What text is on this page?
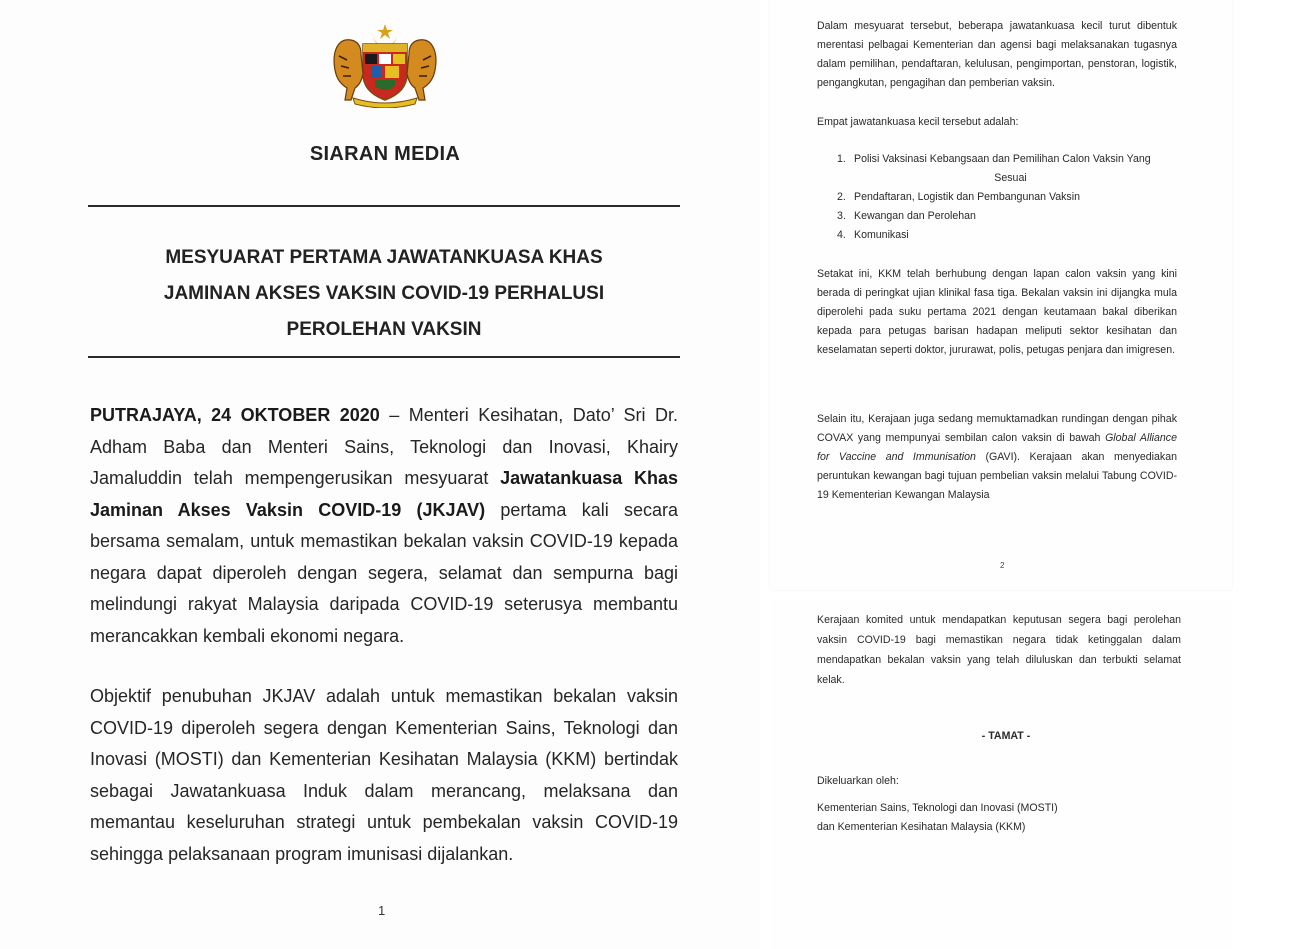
SIARAN MEDIA
MESYUARAT PERTAMA JAWATANKUASA KHAS
JAMINAN AKSES VAKSIN COVID-19 PERHALUSI
PEROLEHAN VAKSIN

PUTRAJAYA, 24 OKTOBER 2020 – Menteri Kesihatan, Dato’ Sri Dr. Adham Baba dan Menteri Sains, Teknologi dan Inovasi, Khairy Jamaluddin telah mempengerusikan mesyuarat Jawatankuasa Khas Jaminan Akses Vaksin COVID-19 (JKJAV) pertama kali secara bersama semalam, untuk memastikan bekalan vaksin COVID-19 kepada negara dapat diperoleh dengan segera, selamat dan sempurna bagi melindungi rakyat Malaysia daripada COVID-19 seterusya membantu merancakkan kembali ekonomi negara.

Objektif penubuhan JKJAV adalah untuk memastikan bekalan vaksin COVID-19 diperoleh segera dengan Kementerian Sains, Teknologi dan Inovasi (MOSTI) dan Kementerian Kesihatan Malaysia (KKM) bertindak sebagai Jawatankuasa Induk dalam merancang, melaksana dan memantau keseluruhan strategi untuk pembekalan vaksin COVID-19 sehingga pelaksanaan program imunisasi dijalankan.

1

Dalam mesyuarat tersebut, beberapa jawatankuasa kecil turut dibentuk merentasi pelbagai Kementerian dan agensi bagi melaksanakan tugasnya dalam pemilihan, pendaftaran, kelulusan, pengimportan, penstoran, logistik, pengangkutan, pengagihan dan pemberian vaksin.

Empat jawatankuasa kecil tersebut adalah:

1. Polisi Vaksinasi Kebangsaan dan Pemilihan Calon Vaksin Yang
Sesuai
2. Pendaftaran, Logistik dan Pembangunan Vaksin
3. Kewangan dan Perolehan
4. Komunikasi

Setakat ini, KKM telah berhubung dengan lapan calon vaksin yang kini berada di peringkat ujian klinikal fasa tiga. Bekalan vaksin ini dijangka mula diperolehi pada suku pertama 2021 dengan keutamaan bakal diberikan kepada para petugas barisan hadapan meliputi sektor kesihatan dan keselamatan seperti doktor, jururawat, polis, petugas penjara dan imigresen.

Selain itu, Kerajaan juga sedang memuktamadkan rundingan dengan pihak COVAX yang mempunyai sembilan calon vaksin di bawah Global Alliance for Vaccine and Immunisation (GAVI). Kerajaan akan menyediakan peruntukan kewangan bagi tujuan pembelian vaksin melalui Tabung COVID-19 Kementerian Kewangan Malaysia

2

Kerajaan komited untuk mendapatkan keputusan segera bagi perolehan vaksin COVID-19 bagi memastikan negara tidak ketinggalan dalam mendapatkan bekalan vaksin yang telah diluluskan dan terbukti selamat kelak.

- TAMAT -
Dikeluarkan oleh:
Kementerian Sains, Teknologi dan Inovasi (MOSTI)
dan Kementerian Kesihatan Malaysia (KKM)
